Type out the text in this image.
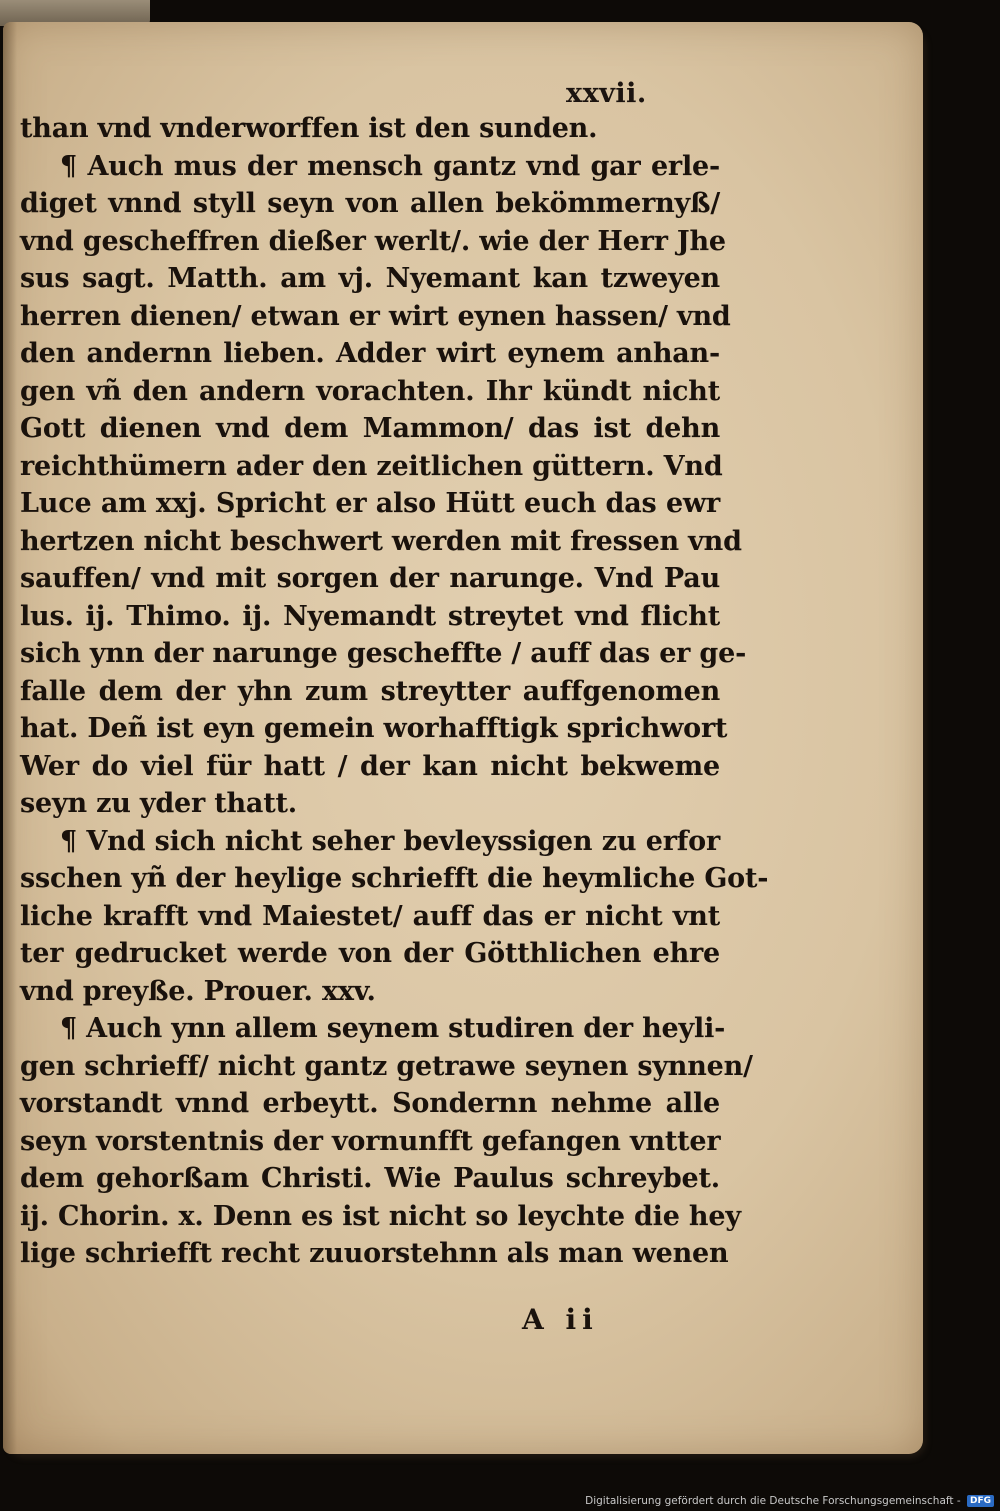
xxvii.
than vnd vnderworffen ist den sunden.
¶ Auch mus der mensch gantz vnd gar erle-
diget vnnd styll seyn von allen bekömmernyß/
vnd gescheffren dießer werlt/. wie der Herr Jhe
sus sagt. Matth. am vj. Nyemant kan tzweyen
herren dienen/ etwan er wirt eynen hassen/ vnd
den andernn lieben. Adder wirt eynem anhan-
gen vñ den andern vorachten. Ihr kündt nicht
Gott dienen vnd dem Mammon/ das ist dehn
reichthümern ader den zeitlichen güttern. Vnd
Luce am xxj. Spricht er also Hütt euch das ewr
hertzen nicht beschwert werden mit fressen vnd
sauffen/ vnd mit sorgen der narunge. Vnd Pau
lus. ij. Thimo. ij. Nyemandt streytet vnd flicht
sich ynn der narunge gescheffte / auff das er ge-
falle dem der yhn zum streytter auffgenomen
hat. Deñ ist eyn gemein worhafftigk sprichwort
Wer do viel für hatt / der kan nicht bekweme
seyn zu yder thatt.
¶ Vnd sich nicht seher bevleyssigen zu erfor
sschen yñ der heylige schriefft die heymliche Got-
liche krafft vnd Maiestet/ auff das er nicht vnt
ter gedrucket werde von der Götthlichen ehre
vnd preyße. Prouer. xxv.
¶ Auch ynn allem seynem studiren der heyli-
gen schrieff/ nicht gantz getrawe seynen synnen/
vorstandt vnnd erbeytt. Sondernn nehme alle
seyn vorstentnis der vornunfft gefangen vntter
dem gehorßam Christi. Wie Paulus schreybet.
ij. Chorin. x. Denn es ist nicht so leychte die hey
lige schriefft recht zuuorstehnn als man wenen
A ii
Digitalisierung gefördert durch die Deutsche Forschungsgemeinschaft - DFG
